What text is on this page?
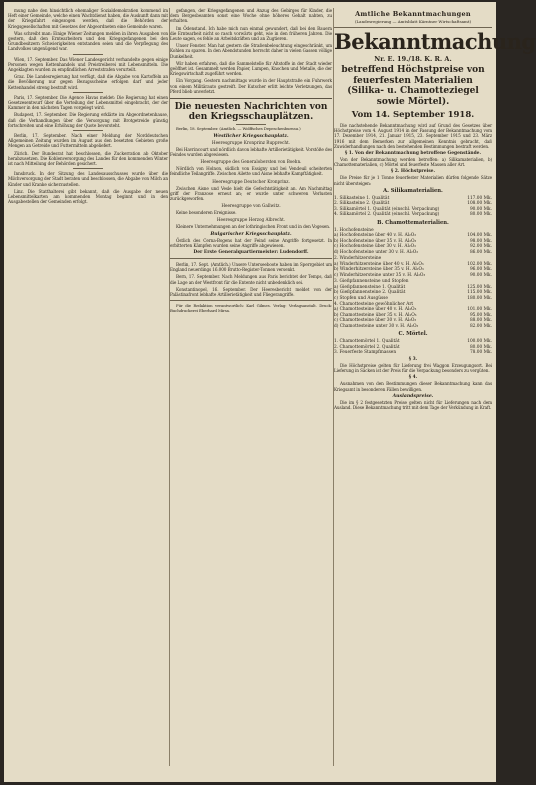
mung nahe den hinsichtlich ehemaliger Sozialdemokratien kommend im Heft einer Gemeinde, welche einen Wachtdienst haben, die Auskunft dann mit der Kriegsfahrt eingezogen werden, daß die Behörden der Kriegsgesellschaften mit Gesetzes der Abgeordneten eine Gemeinde waren.

Was schreibt man: Einige Wiener Zeitungen melden in ihren Ausgaben von gestern, daß den Erntearbeitern und den Kriegsgefangenen bei den Grundbesitzern Schwierigkeiten entstanden seien und die Verpflegung des Landvolkes ungenügend war.

Wien, 17. September. Das Wiener Landesgericht verhandelte gegen einige Personen wegen Kettenhandels und Preistreiberei mit Lebensmitteln. Die Angeklagten wurden zu empfindlichen Arreststrafen verurteilt.

Graz. Die Landesregierung hat verfügt, daß die Abgabe von Kartoffeln an die Bevölkerung nur gegen Bezugsscheine erfolgen darf und jeder Kettenhandel streng bestraft wird.

Paris, 17. September. Die Agence Havas meldet: Die Regierung hat einen Gesetzesentwurf über die Verteilung der Lebensmittel eingebracht, der der Kammer in den nächsten Tagen vorgelegt wird.

Budapest, 17. September. Die Regierung erklärte im Abgeordnetenhause, daß die Verhandlungen über die Versorgung mit Brotgetreide günstig fortschreiten und eine Erhöhung der Quote bevorsteht.

Berlin, 17. September. Nach einer Meldung der Norddeutschen Allgemeinen Zeitung wurden im August aus den besetzten Gebieten große Mengen an Getreide und Futtermitteln abgeliefert.

Zürich. Der Bundesrat hat beschlossen, die Zuckerration ab Oktober herabzusetzen. Die Kohlenversorgung des Landes für den kommenden Winter ist nach Mitteilung der Behörden gesichert.

Innsbruck. In der Sitzung des Landesausschusses wurde über die Milchversorgung der Stadt beraten und beschlossen, die Abgabe von Milch an Kinder und Kranke sicherzustellen.

Linz. Die Statthalterei gibt bekannt, daß die Ausgabe der neuen Lebensmittelkarten am kommenden Montag beginnt und in den Ausgabestellen der Gemeinden erfolgt.

gefangen, der Kriegsgefangenen und Anzug des Gebirges für Kinder, die dem Bergesbeamten sonst eine Woche ohne höheres Gehalt nahten, zu erhalten.

Im Ödenstand. Ich habe mich nun einmal gewundert, daß bei den Bauern die Erntearbeit nicht so rasch vorwärts geht, wie in den früheren Jahren. Die Leute sagen, es fehle an Arbeitskräften und an Zugtieren.

Unser Fenster. Man hat gestern die Straßenbeleuchtung eingeschränkt, um Kohlen zu sparen. In den Abendstunden herrscht daher in vielen Gassen völlige Dunkelheit.

Wir haben erfahren, daß die Sammelstelle für Altstoffe in der Stadt wieder geöffnet ist. Gesammelt werden Papier, Lumpen, Knochen und Metalle, die der Kriegswirtschaft zugeführt werden.

Ein Vorgang. Gestern nachmittags wurde in der Hauptstraße ein Fuhrwerk von einem Militärauto gestreift. Der Kutscher erlitt leichte Verletzungen, das Pferd blieb unverletzt.

Die neuesten Nachrichten von den Kriegsschauplätzen.

Berlin, 18. September. (Amtlich. — Wolffsches Depeschenbureau.)

Westlicher Kriegsschauplatz.
Heeresgruppe Kronprinz Rupprecht.

Bei Havrincourt und nördlich davon lebhafte Artillerietätigkeit. Vorstöße des Feindes wurden abgewiesen.

Heeresgruppe des Generalobersten von Boehn.

Nördlich von Holnon, südlich von Essigny und bei Vendeuil scheiterten feindliche Teilangriffe. Zwischen Ailette und Aisne lebhafte Kampftätigkeit.

Heeresgruppe Deutscher Kronprinz.

Zwischen Aisne und Vesle hielt die Gefechtstätigkeit an. Am Nachmittag griff der Franzose erneut an; er wurde unter schweren Verlusten zurückgeworfen.

Heeresgruppe von Gallwitz.

Keine besonderen Ereignisse.

Heeresgruppe Herzog Albrecht.

Kleinere Unternehmungen an der lothringischen Front und in den Vogesen.

Bulgarischer Kriegsschauplatz.

Östlich des Cerna-Bogens hat der Feind seine Angriffe fortgesetzt. In erbitterten Kämpfen wurden seine Angriffe abgewiesen.

Der Erste Generalquartiermeister: Ludendorff.

Berlin, 17. Sept. (Amtlich.) Unsere Unterseeboote haben im Sperrgebiet um England neuerdings 16.000 Brutto-Register-Tonnen versenkt.

Bern, 17. September. Nach Meldungen aus Paris berichtet der Temps, daß die Lage an der Westfront für die Entente nicht unbedenklich sei.

Konstantinopel, 16. September. Der Heeresbericht meldet von der Palästinafront lebhafte Artillerietätigkeit und Fliegerangriffe.

Für die Redaktion verantwortlich: Karl Gilmes. Verlag: Verlagsanstalt. Druck: Buchdruckerei Eberhard Mirsa.

Amtliche Bekanntmachungen
(Landesregierung — Amtsblatt Kärntner Wirtschaftsamt)
Bekanntmachung
Nr. E. 19./18. K. R. A.
betreffend Höchstpreise von feuerfesten Materialien (Silika- u. Chamotteziegel sowie Mörtel).
Vom 14. September 1918.

Die nachstehende Bekanntmachung wird auf Grund des Gesetzes über Höchstpreise vom 4. August 1914 in der Fassung der Bekanntmachung vom 17. Dezember 1914, 21. Januar 1915, 23. September 1915 und 23. März 1916 mit dem Bemerken zur allgemeinen Kenntnis gebracht, daß Zuwiderhandlungen nach den bestehenden Bestimmungen bestraft werden.

§ 1. Von der Bekanntmachung betroffene Gegenstände.

Von der Bekanntmachung werden betroffen: a) Silikamaterialien, b) Chamottematerialien, c) Mörtel und feuerfeste Massen aller Art.

§ 2. Höchstpreise.

Die Preise für je 1 Tonne feuerfester Materialien dürfen folgende Sätze nicht übersteigen:

A. Silikamaterialien.
1. Silikasteine 1. Qualität	117.00 Mk.
2. Silikasteine 2. Qualität	108.00 Mk.
3. Silikamörtel 1. Qualität (einschl. Verpackung)	90.00 Mk.
4. Silikamörtel 2. Qualität (einschl. Verpackung)	80.00 Mk.
B. Chamottematerialien.
1. Hochofensteine
a) Hochofensteine über 40 v. H. Al₂O₃	104.00 Mk.
b) Hochofensteine über 35 v. H. Al₂O₃	98.00 Mk.
c) Hochofensteine über 30 v. H. Al₂O₃	92.00 Mk.
d) Hochofensteine unter 30 v. H. Al₂O₃	86.00 Mk.
2. Winderhitzersteine
a) Winderhitzersteine über 40 v. H. Al₂O₃	102.00 Mk.
b) Winderhitzersteine über 35 v. H. Al₂O₃	96.00 Mk.
c) Winderhitzersteine unter 35 v. H. Al₂O₃	90.00 Mk.
3. Gießpfannensteine und Stopfen
a) Gießpfannensteine 1. Qualität	125.00 Mk.
b) Gießpfannensteine 2. Qualität	115.00 Mk.
c) Stopfen und Ausgüsse	180.00 Mk.
4. Chamottesteine gewöhnlicher Art
a) Chamottesteine über 40 v. H. Al₂O₃	101.00 Mk.
b) Chamottesteine über 35 v. H. Al₂O₃	95.00 Mk.
c) Chamottesteine über 30 v. H. Al₂O₃	88.00 Mk.
d) Chamottesteine unter 30 v. H. Al₂O₃	82.00 Mk.
C. Mörtel.
1. Chamottemörtel 1. Qualität	100.00 Mk.
2. Chamottemörtel 2. Qualität	80.00 Mk.
3. Feuerfeste Stampfmassen	78.00 Mk.
§ 3.

Die Höchstpreise gelten für Lieferung frei Waggon Erzeugungsort. Bei Lieferung in Säcken ist der Preis für die Verpackung besonders zu vergüten.

§ 4.

Ausnahmen von den Bestimmungen dieser Bekanntmachung kann das Kriegsamt in besonderen Fällen bewilligen.

Auslandspreise.

Die im § 2 festgesetzten Preise gelten nicht für Lieferungen nach dem Ausland. Diese Bekanntmachung tritt mit dem Tage der Verkündung in Kraft.
